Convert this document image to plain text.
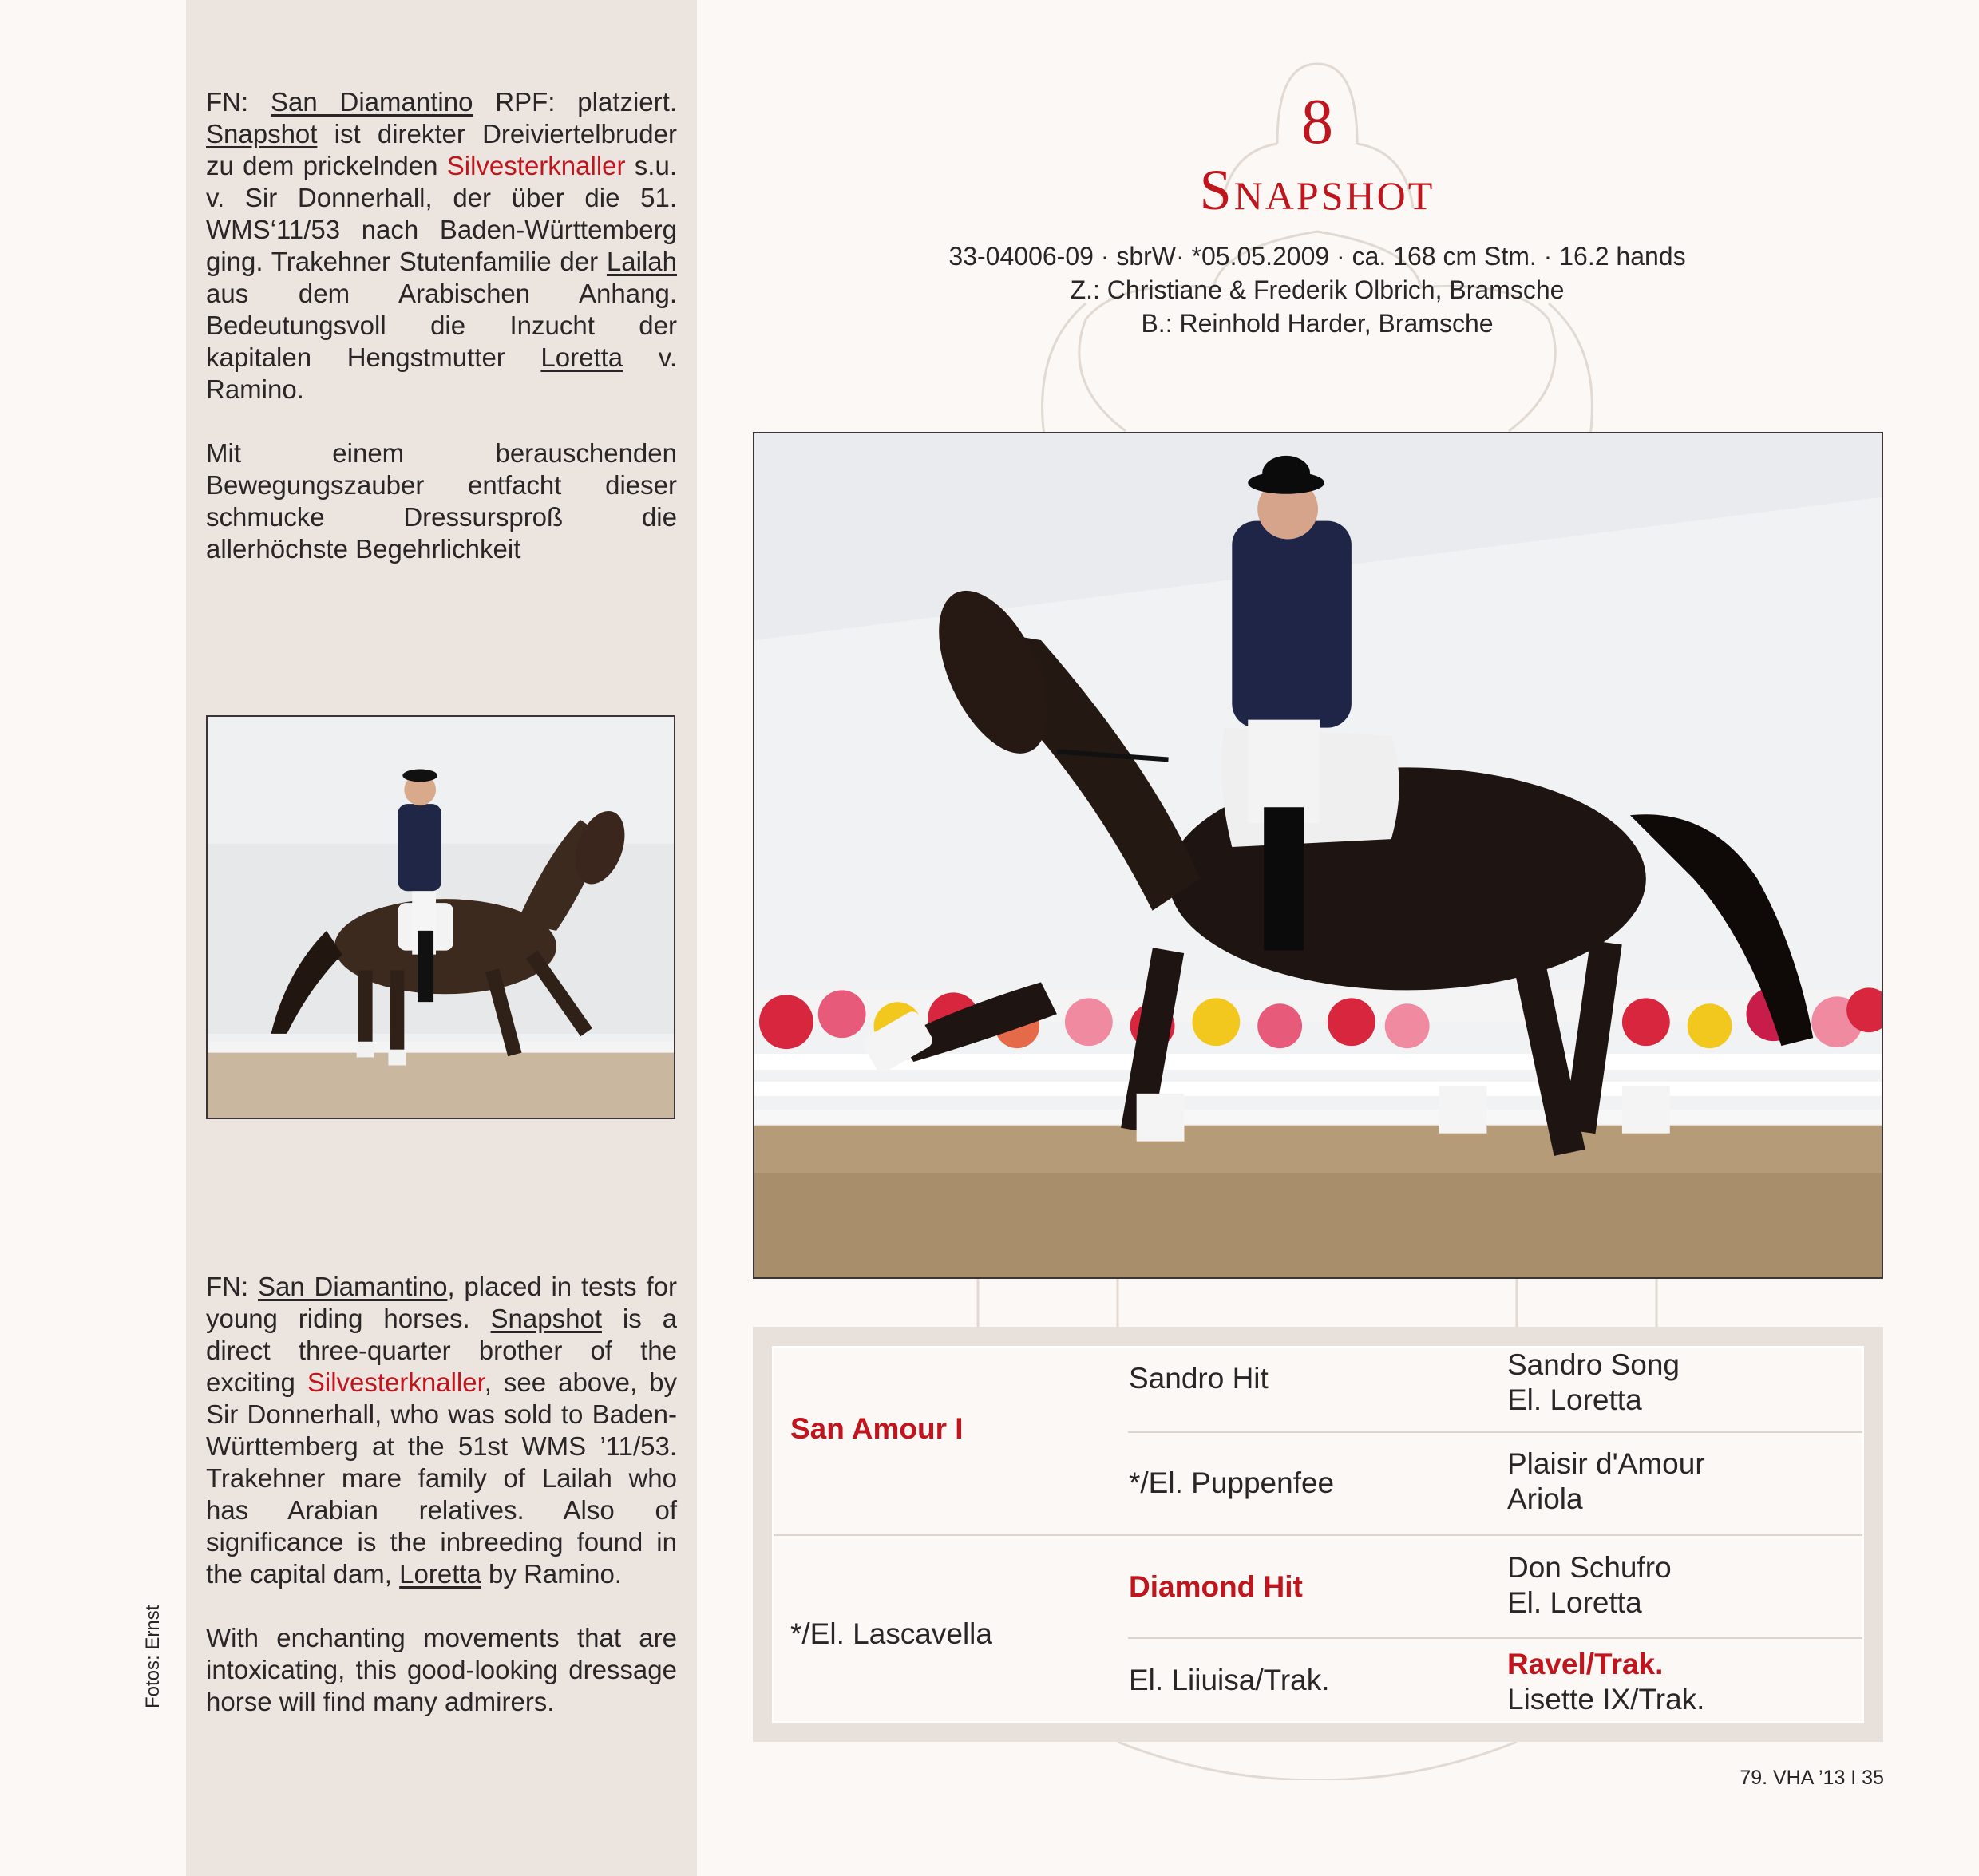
FN: San Diamantino RPF: platziert. Snapshot ist direkter Dreiviertelbruder zu dem prickelnden Silvesterknaller s.u. v. Sir Donnerhall, der über die 51. WMS‘11/53 nach Baden-Württemberg ging. Trakehner Stutenfamilie der Lailah aus dem Arabischen Anhang. Bedeutungsvoll die Inzucht der kapitalen Hengstmutter Loretta v. Ramino.

Mit einem berauschenden Bewegungszauber entfacht dieser schmucke Dressursproß die allerhöchste Begehrlichkeit

FN: San Diamantino, placed in tests for young riding horses. Snapshot is a direct three-quarter brother of the exciting Silvesterknaller, see above, by Sir Donnerhall, who was sold to Baden-Württemberg at the 51st WMS ’11/53. Trakehner mare family of Lailah who has Arabian relatives. Also of significance is the inbreeding found in the capital dam, Loretta by Ramino.

With enchanting movements that are intoxicating, this good-looking dressage horse will find many admirers.

Fotos: Ernst
8
Snapshot
33-04006-09 · sbrW· *05.05.2009 · ca. 168 cm Stm. · 16.2 hands
Z.: Christiane & Frederik Olbrich, Bramsche
B.: Reinhold Harder, Bramsche
San Amour I
*/El. Lascavella
Sandro Hit
*/El. Puppenfee
Diamond Hit
El. Liiuisa/Trak.
Sandro Song
El. Loretta
Plaisir d'Amour
Ariola
Don Schufro
El. Loretta
Ravel/Trak.
Lisette IX/Trak.
79. VHA ’13 I 35
